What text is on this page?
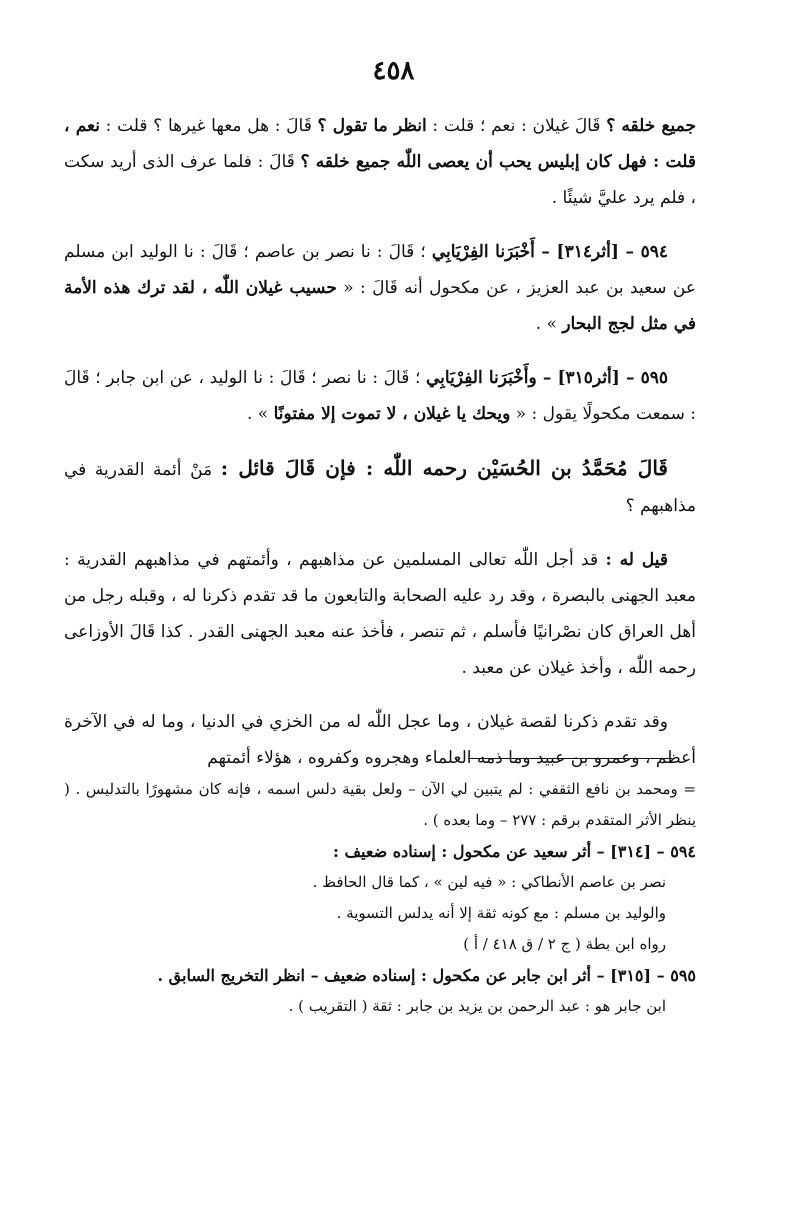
٤٥٨

جميع خلقه ؟ قَالَ غيلان : نعم ؛ قلت : انظر ما تقول ؟ قَالَ : هل معها غيرها ؟ قلت : نعم ، قلت : فهل كان إبليس يحب أن يعصى اللّٰه جميع خلقه ؟ قَالَ : فلما عرف الذى أريد سكت ، فلم يرد عليَّ شيئًا .

٥٩٤ – [أثر٣١٤] – أَخْبَرَنا الفِرْيَابِي ؛ قَالَ : نا نصر بن عاصم ؛ قَالَ : نا الوليد ابن مسلم عن سعيد بن عبد العزيز ، عن مكحول أنه قَالَ : « حسيب غيلان اللّٰه ، لقد ترك هذه الأمة في مثل لجج البحار » .

٥٩٥ – [أثر٣١٥] – وأَخْبَرَنا الفِرْيَابِي ؛ قَالَ : نا نصر ؛ قَالَ : نا الوليد ، عن ابن جابر ؛ قَالَ : سمعت مكحولًا يقول : « ويحك يا غيلان ، لا تموت إلا مفتونًا » .

قَالَ مُحَمَّدُ بن الحُسَيْن رحمه اللّٰه : فإن قَالَ قائل : مَنْ أئمة القدرية في مذاهبهم ؟

قيل له : قد أجل اللّٰه تعالى المسلمين عن مذاهبهم ، وأئمتهم في مذاهبهم القدرية : معبد الجهنى بالبصرة ، وقد رد عليه الصحابة والتابعون ما قد تقدم ذكرنا له ، وقبله رجل من أهل العراق كان نصْرانيًا فأسلم ، ثم تنصر ، فأخذ عنه معبد الجهنى القدر . كذا قَالَ الأوزاعى رحمه اللّٰه ، وأخذ غيلان عن معبد .

وقد تقدم ذكرنا لقصة غيلان ، وما عجل اللّٰه له من الخزي في الدنيا ، وما له في الآخرة أعظم ، وعمرو بن عبيد وما ذمه العلماء وهجروه وكفروه ، هؤلاء أئمتهم

= ومحمد بن نافع الثقفي : لم يتبين لي الآن – ولعل بقية دلس اسمه ، فإنه كان مشهورًا بالتدليس . ( ينظر الأثر المتقدم برقم : ٢٧٧ – وما بعده ) .
٥٩٤ – [٣١٤] – أثر سعيد عن مكحول : إسناده ضعيف :
نصر بن عاصم الأنطاكي : « فيه لين » ، كما قال الحافظ .
والوليد بن مسلم : مع كونه ثقة إلا أنه يدلس التسوية .
رواه ابن بطة ( ج ٢ / ق ٤١٨ / أ )
٥٩٥ – [٣١٥] – أثر ابن جابر عن مكحول : إسناده ضعيف – انظر التخريج السابق .
ابن جابر هو : عبد الرحمن بن يزيد بن جابر : ثقة ( التقريب ) .
